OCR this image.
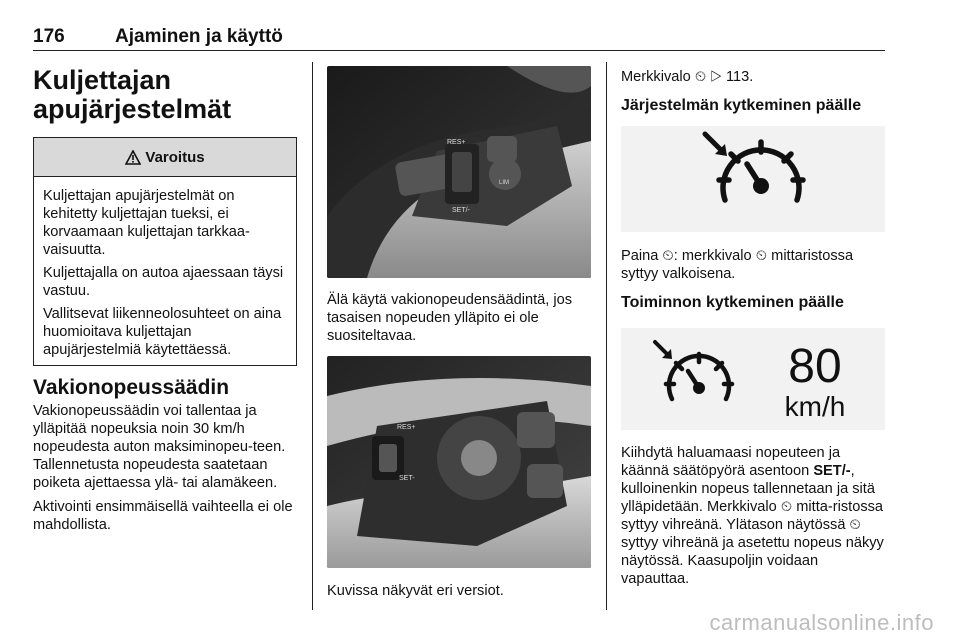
176	Ajaminen ja käyttö
Kuljettajan
apujärjestelmät
Varoitus

Kuljettajan apujärjestelmät on kehitetty kuljettajan tueksi, ei korvaamaan kuljettajan tarkkaa-vaisuutta.

Kuljettajalla on autoa ajaessaan täysi vastuu.

Vallitsevat liikenneolosuhteet on aina huomioitava kuljettajan apujärjestelmiä käytettäessä.

Vakionopeussäädin

Vakionopeussäädin voi tallentaa ja ylläpitää nopeuksia noin 30 km/h nopeudesta auton maksiminopeu-teen. Tallennetusta nopeudesta saatetaan poiketa ajettaessa ylä- tai alamäkeen.

Aktivointi ensimmäisellä vaihteella ei ole mahdollista.

RES+
SET/-
LIM

Älä käytä vakionopeudensäädintä, jos tasaisen nopeuden ylläpito ei ole suositeltavaa.

RES+
SET-

Kuvissa näkyvät eri versiot.

Merkkivalo ⏲ ▷ 113.
Järjestelmän kytkeminen päälle

Paina ⏲: merkkivalo ⏲ mittaristossa syttyy valkoisena.

Toiminnon kytkeminen päälle
80
km/h

Kiihdytä haluamaasi nopeuteen ja käännä säätöpyörä asentoon SET/-, kulloinenkin nopeus tallennetaan ja sitä ylläpidetään. Merkkivalo ⏲ mitta-ristossa syttyy vihreänä. Ylätason näytössä ⏲ syttyy vihreänä ja asetettu nopeus näkyy näytössä. Kaasupoljin voidaan vapauttaa.

carmanualsonline.info
